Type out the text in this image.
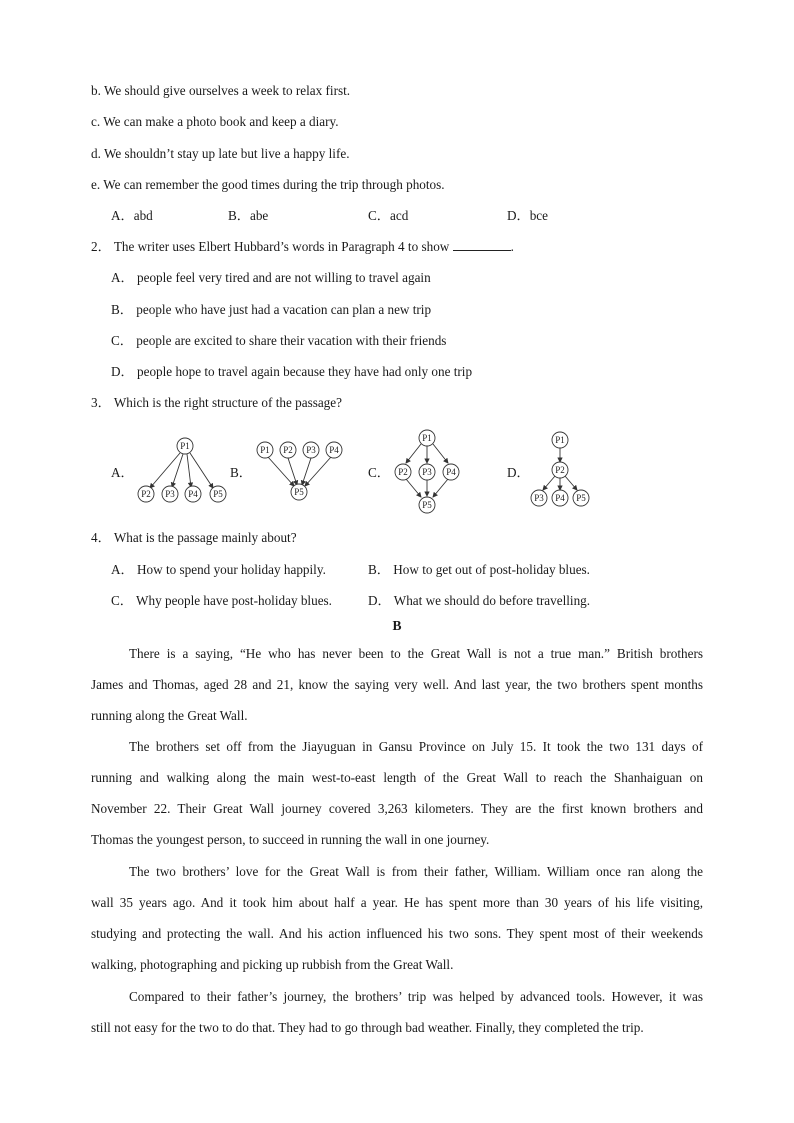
b. We should give ourselves a week to relax first.
c. We can make a photo book and keep a diary.
d. We shouldn’t stay up late but live a happy life.
e. We can remember the good times during the trip through photos.
A．abd	B．abe	C．acd	D．bce
2． The writer uses Elbert Hubbard’s words in Paragraph 4 to show	.
A． people feel very tired and are not willing to travel again
B． people who have just had a vacation can plan a new trip
C． people are excited to share their vacation with their friends
D． people hope to travel again because they have had only one trip
3． Which is the right structure of the passage?
A．	B．	C．	D．
P1
P2 P3 P4 P5
P1 P2 P3 P4
P5
P1
P2 P3 P4
P5
P1
P2
P3 P4 P5
4． What is the passage mainly about?
A． How to spend your holiday happily.	B． How to get out of post-holiday blues.
C． Why people have post-holiday blues.	D． What we should do before travelling.
B
There is a saying, “He who has never been to the Great Wall is not a true man.” British brothers
James and Thomas, aged 28 and 21, know the saying very well. And last year, the two brothers spent months
running along the Great Wall.
The brothers set off from the Jiayuguan in Gansu Province on July 15. It took the two 131 days of
running and walking along the main west-to-east length of the Great Wall to reach the Shanhaiguan on
November 22. Their Great Wall journey covered 3,263 kilometers. They are the first known brothers and
Thomas the youngest person, to succeed in running the wall in one journey.
The two brothers’ love for the Great Wall is from their father, William. William once ran along the
wall 35 years ago. And it took him about half a year. He has spent more than 30 years of his life visiting,
studying and protecting the wall. And his action influenced his two sons. They spent most of their weekends
walking, photographing and picking up rubbish from the Great Wall.
Compared to their father’s journey, the brothers’ trip was helped by advanced tools. However, it was
still not easy for the two to do that. They had to go through bad weather. Finally, they completed the trip.
